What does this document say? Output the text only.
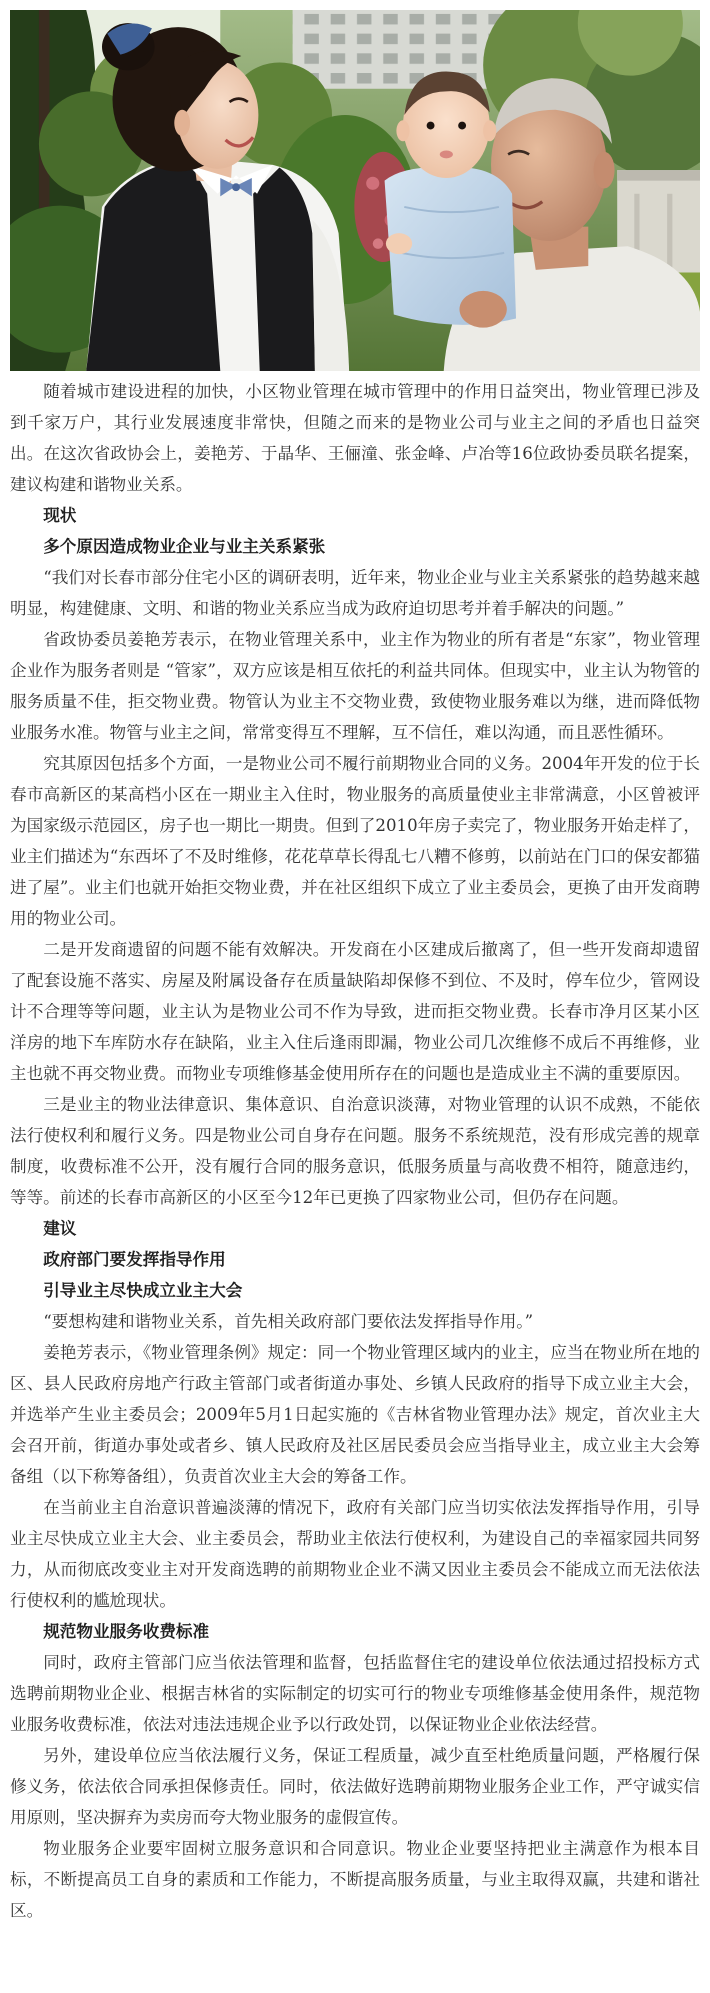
随着城市建设进程的加快，小区物业管理在城市管理中的作用日益突出，物业管理已涉及到千家万户，其行业发展速度非常快，但随之而来的是物业公司与业主之间的矛盾也日益突出。在这次省政协会上，姜艳芳、于晶华、王俪潼、张金峰、卢冶等16位政协委员联名提案，建议构建和谐物业关系。

现状

多个原因造成物业企业与业主关系紧张

“我们对长春市部分住宅小区的调研表明，近年来，物业企业与业主关系紧张的趋势越来越明显，构建健康、文明、和谐的物业关系应当成为政府迫切思考并着手解决的问题。”

省政协委员姜艳芳表示，在物业管理关系中，业主作为物业的所有者是“东家”，物业管理企业作为服务者则是 “管家”，双方应该是相互依托的利益共同体。但现实中，业主认为物管的服务质量不佳，拒交物业费。物管认为业主不交物业费，致使物业服务难以为继，进而降低物业服务水准。物管与业主之间，常常变得互不理解，互不信任，难以沟通，而且恶性循环。

究其原因包括多个方面，一是物业公司不履行前期物业合同的义务。2004年开发的位于长春市高新区的某高档小区在一期业主入住时，物业服务的高质量使业主非常满意，小区曾被评为国家级示范园区，房子也一期比一期贵。但到了2010年房子卖完了，物业服务开始走样了，业主们描述为“东西坏了不及时维修，花花草草长得乱七八糟不修剪，以前站在门口的保安都猫进了屋”。业主们也就开始拒交物业费，并在社区组织下成立了业主委员会，更换了由开发商聘用的物业公司。

二是开发商遗留的问题不能有效解决。开发商在小区建成后撤离了，但一些开发商却遗留了配套设施不落实、房屋及附属设备存在质量缺陷却保修不到位、不及时，停车位少，管网设计不合理等等问题，业主认为是物业公司不作为导致，进而拒交物业费。长春市净月区某小区洋房的地下车库防水存在缺陷，业主入住后逢雨即漏，物业公司几次维修不成后不再维修，业主也就不再交物业费。而物业专项维修基金使用所存在的问题也是造成业主不满的重要原因。

三是业主的物业法律意识、集体意识、自治意识淡薄，对物业管理的认识不成熟，不能依法行使权利和履行义务。四是物业公司自身存在问题。服务不系统规范，没有形成完善的规章制度，收费标准不公开，没有履行合同的服务意识，低服务质量与高收费不相符，随意违约，等等。前述的长春市高新区的小区至今12年已更换了四家物业公司，但仍存在问题。

建议

政府部门要发挥指导作用

引导业主尽快成立业主大会

“要想构建和谐物业关系，首先相关政府部门要依法发挥指导作用。”

姜艳芳表示，《物业管理条例》规定：同一个物业管理区域内的业主，应当在物业所在地的区、县人民政府房地产行政主管部门或者街道办事处、乡镇人民政府的指导下成立业主大会，并选举产生业主委员会；2009年5月1日起实施的《吉林省物业管理办法》规定，首次业主大会召开前，街道办事处或者乡、镇人民政府及社区居民委员会应当指导业主，成立业主大会筹备组（以下称筹备组），负责首次业主大会的筹备工作。

在当前业主自治意识普遍淡薄的情况下，政府有关部门应当切实依法发挥指导作用，引导业主尽快成立业主大会、业主委员会，帮助业主依法行使权利，为建设自己的幸福家园共同努力，从而彻底改变业主对开发商选聘的前期物业企业不满又因业主委员会不能成立而无法依法行使权利的尴尬现状。

规范物业服务收费标准

同时，政府主管部门应当依法管理和监督，包括监督住宅的建设单位依法通过招投标方式选聘前期物业企业、根据吉林省的实际制定的切实可行的物业专项维修基金使用条件，规范物业服务收费标准，依法对违法违规企业予以行政处罚，以保证物业企业依法经营。

另外，建设单位应当依法履行义务，保证工程质量，减少直至杜绝质量问题，严格履行保修义务，依法依合同承担保修责任。同时，依法做好选聘前期物业服务企业工作，严守诚实信用原则，坚决摒弃为卖房而夸大物业服务的虚假宣传。

物业服务企业要牢固树立服务意识和合同意识。物业企业要坚持把业主满意作为根本目标，不断提高员工自身的素质和工作能力，不断提高服务质量，与业主取得双赢，共建和谐社区。
